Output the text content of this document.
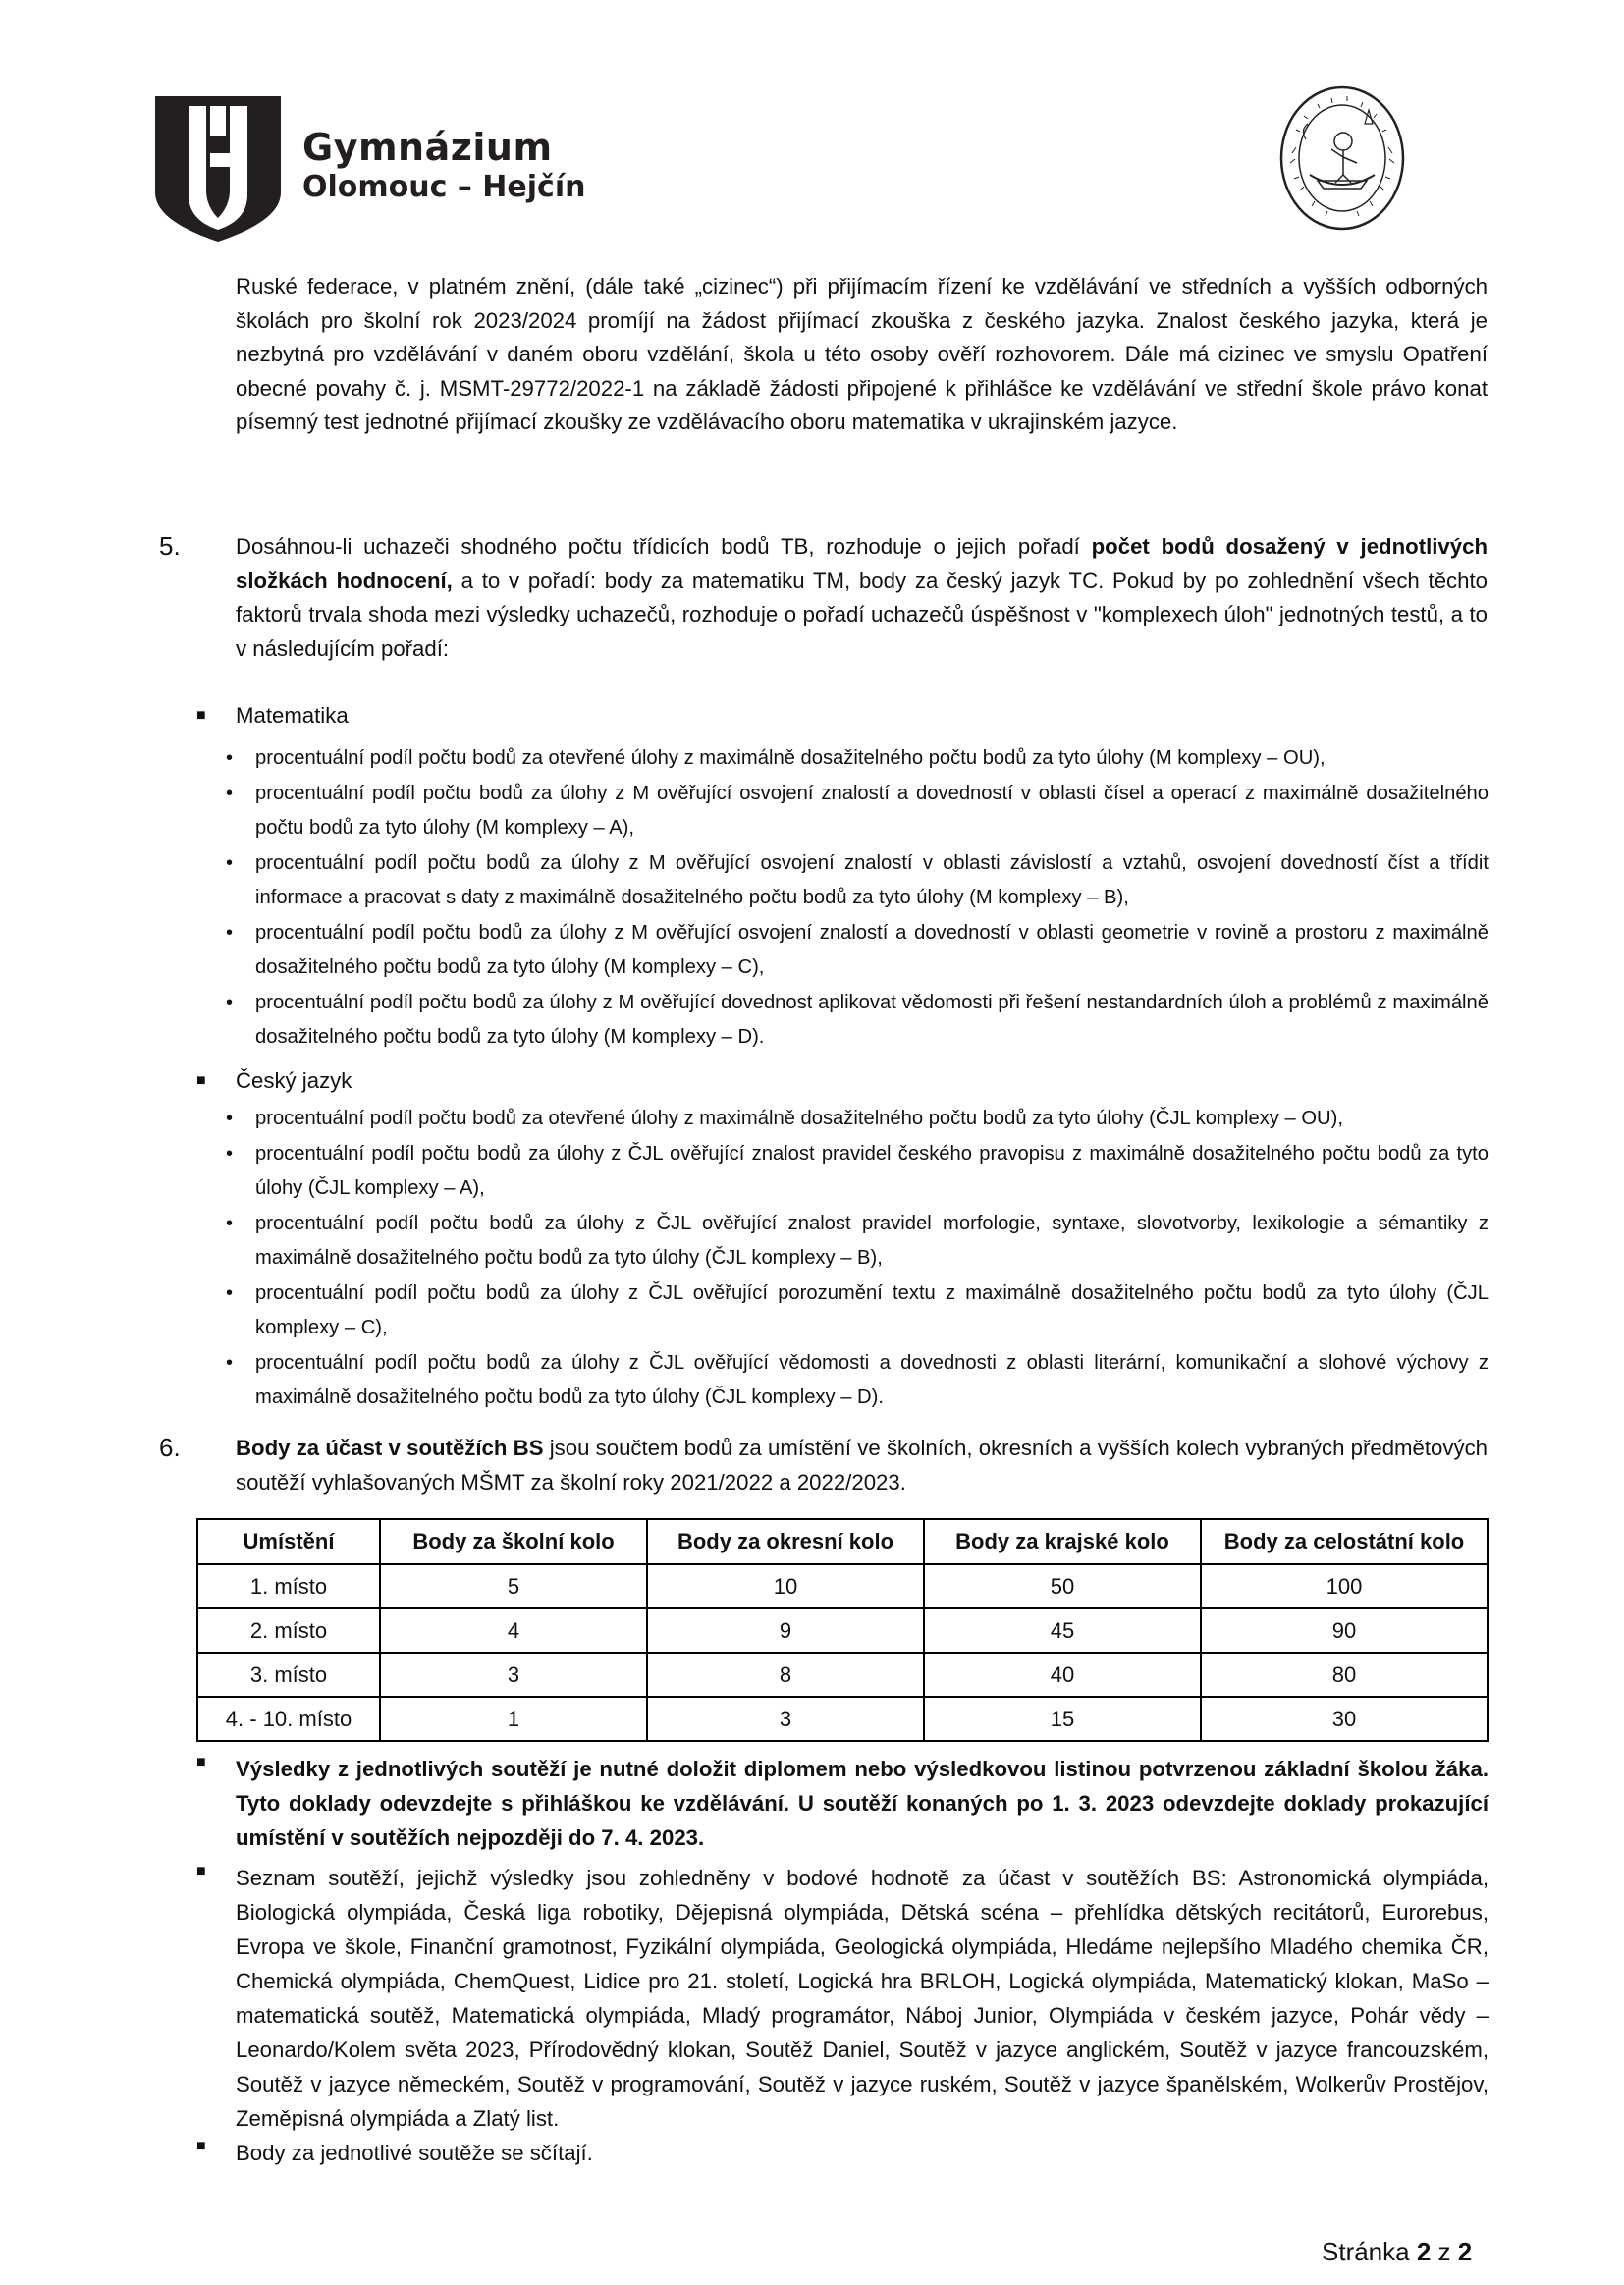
Gymnázium
Olomouc – Hejčín
Ruské federace, v platném znění, (dále také „cizinec“) při přijímacím řízení ke vzdělávání ve středních a vyšších odborných školách pro školní rok 2023/2024 promíjí na žádost přijímací zkouška z českého jazyka. Znalost českého jazyka, která je nezbytná pro vzdělávání v daném oboru vzdělání, škola u této osoby ověří rozhovorem. Dále má cizinec ve smyslu Opatření obecné povahy č. j. MSMT-29772/2022-1 na základě žádosti připojené k přihlášce ke vzdělávání ve střední škole právo konat písemný test jednotné přijímací zkoušky ze vzdělávacího oboru matematika v ukrajinském jazyce.
5.	Dosáhnou-li uchazeči shodného počtu třídicích bodů TB, rozhoduje o jejich pořadí počet bodů dosažený v jednotlivých složkách hodnocení, a to v pořadí: body za matematiku TM, body za český jazyk TC. Pokud by po zohlednění všech těchto faktorů trvala shoda mezi výsledky uchazečů, rozhoduje o pořadí uchazečů úspěšnost v "komplexech úloh" jednotných testů, a to v následujícím pořadí:
■ Matematika
• procentuální podíl počtu bodů za otevřené úlohy z maximálně dosažitelného počtu bodů za tyto úlohy (M komplexy – OU),
• procentuální podíl počtu bodů za úlohy z M ověřující osvojení znalostí a dovedností v oblasti čísel a operací z maximálně dosažitelného počtu bodů za tyto úlohy (M komplexy – A),
• procentuální podíl počtu bodů za úlohy z M ověřující osvojení znalostí v oblasti závislostí a vztahů, osvojení dovedností číst a třídit informace a pracovat s daty z maximálně dosažitelného počtu bodů za tyto úlohy (M komplexy – B),
• procentuální podíl počtu bodů za úlohy z M ověřující osvojení znalostí a dovedností v oblasti geometrie v rovině a prostoru z maximálně dosažitelného počtu bodů za tyto úlohy (M komplexy – C),
• procentuální podíl počtu bodů za úlohy z M ověřující dovednost aplikovat vědomosti při řešení nestandardních úloh a problémů z maximálně dosažitelného počtu bodů za tyto úlohy (M komplexy – D).
■ Český jazyk
• procentuální podíl počtu bodů za otevřené úlohy z maximálně dosažitelného počtu bodů za tyto úlohy (ČJL komplexy – OU),
• procentuální podíl počtu bodů za úlohy z ČJL ověřující znalost pravidel českého pravopisu z maximálně dosažitelného počtu bodů za tyto úlohy (ČJL komplexy – A),
• procentuální podíl počtu bodů za úlohy z ČJL ověřující znalost pravidel morfologie, syntaxe, slovotvorby, lexikologie a sémantiky z maximálně dosažitelného počtu bodů za tyto úlohy (ČJL komplexy – B),
• procentuální podíl počtu bodů za úlohy z ČJL ověřující porozumění textu z maximálně dosažitelného počtu bodů za tyto úlohy (ČJL komplexy – C),
• procentuální podíl počtu bodů za úlohy z ČJL ověřující vědomosti a dovednosti z oblasti literární, komunikační a slohové výchovy z maximálně dosažitelného počtu bodů za tyto úlohy (ČJL komplexy – D).
6.	Body za účast v soutěžích BS jsou součtem bodů za umístění ve školních, okresních a vyšších kolech vybraných předmětových soutěží vyhlašovaných MŠMT za školní roky 2021/2022 a 2022/2023.
Umístění	Body za školní kolo	Body za okresní kolo	Body za krajské kolo	Body za celostátní kolo
1. místo	5	10	50	100
2. místo	4	9	45	90
3. místo	3	8	40	80
4. - 10. místo	1	3	15	30
■ Výsledky z jednotlivých soutěží je nutné doložit diplomem nebo výsledkovou listinou potvrzenou základní školou žáka. Tyto doklady odevzdejte s přihláškou ke vzdělávání. U soutěží konaných po 1. 3. 2023 odevzdejte doklady prokazující umístění v soutěžích nejpozději do 7. 4. 2023.
■ Seznam soutěží, jejichž výsledky jsou zohledněny v bodové hodnotě za účast v soutěžích BS: Astronomická olympiáda, Biologická olympiáda, Česká liga robotiky, Dějepisná olympiáda, Dětská scéna – přehlídka dětských recitátorů, Eurorebus, Evropa ve škole, Finanční gramotnost, Fyzikální olympiáda, Geologická olympiáda, Hledáme nejlepšího Mladého chemika ČR, Chemická olympiáda, ChemQuest, Lidice pro 21. století, Logická hra BRLOH, Logická olympiáda, Matematický klokan, MaSo – matematická soutěž, Matematická olympiáda, Mladý programátor, Náboj Junior, Olympiáda v českém jazyce, Pohár vědy – Leonardo/Kolem světa 2023, Přírodovědný klokan, Soutěž Daniel, Soutěž v jazyce anglickém, Soutěž v jazyce francouzském, Soutěž v jazyce německém, Soutěž v programování, Soutěž v jazyce ruském, Soutěž v jazyce španělském, Wolkerův Prostějov, Zeměpisná olympiáda a Zlatý list.
■ Body za jednotlivé soutěže se sčítají.
Stránka 2 z 2
